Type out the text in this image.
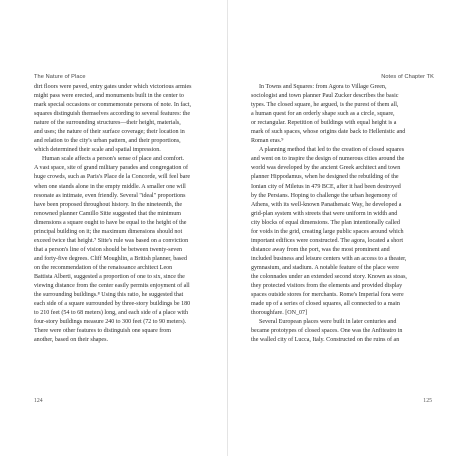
The Nature of Place
dirt floors were paved, entry gates under which victorious armies
might pass were erected, and monuments built in the center to
mark special occasions or commemorate persons of note. In fact,
squares distinguish themselves according to several features: the
nature of the surrounding structures—their height, materials,
and uses; the nature of their surface coverage; their location in
and relation to the city's urban pattern, and their proportions,
which determined their scale and spatial impression.
Human scale affects a person's sense of place and comfort.
A vast space, site of grand military parades and congregation of
huge crowds, such as Paris's Place de la Concorde, will feel bare
when one stands alone in the empty middle. A smaller one will
resonate as intimate, even friendly. Several "ideal" proportions
have been proposed throughout history. In the nineteenth, the
renowned planner Camillo Sitte suggested that the minimum
dimensions a square ought to have be equal to the height of the
principal building on it; the maximum dimensions should not
exceed twice that height.⁷ Sitte's rule was based on a conviction
that a person's line of vision should be between twenty-seven
and forty-five degrees. Cliff Moughlin, a British planner, based
on the recommendation of the renaissance architect Leon
Battista Alberti, suggested a proportion of one to six, since the
viewing distance from the center easily permits enjoyment of all
the surrounding buildings.⁸ Using this ratio, he suggested that
each side of a square surrounded by three-story buildings be 180
to 210 feet (54 to 68 meters) long, and each side of a place with
four-story buildings measure 240 to 300 feet (72 to 90 meters).
There were other features to distinguish one square from
another, based on their shapes.
124
Notes of Chapter TK
In Towns and Squares: from Agora to Village Green,
sociologist and town planner Paul Zucker describes the basic
types. The closed square, he argued, is the purest of them all,
a human quest for an orderly shape such as a circle, square,
or rectangular. Repetition of buildings with equal height is a
mark of such spaces, whose origins date back to Hellenistic and
Roman eras.⁹
A planning method that led to the creation of closed squares
and went on to inspire the design of numerous cities around the
world was developed by the ancient Greek architect and town
planner Hippodamus, when he designed the rebuilding of the
Ionian city of Miletus in 479 BCE, after it had been destroyed
by the Persians. Hoping to challenge the urban hegemony of
Athens, with its well-known Panathenaic Way, he developed a
grid-plan system with streets that were uniform in width and
city blocks of equal dimensions. The plan intentionally called
for voids in the grid, creating large public spaces around which
important edifices were constructed. The agora, located a short
distance away from the port, was the most prominent and
included business and leisure centers with an access to a theater,
gymnasium, and stadium. A notable feature of the place were
the colonnades under an extended second story. Known as stoas,
they protected visitors from the elements and provided display
spaces outside stores for merchants. Rome's Imperial fora were
made up of a series of closed squares, all connected to a main
thoroughfare. [ON_07]
Several European places were built in later centuries and
became prototypes of closed spaces. One was the Anfiteatro in
the walled city of Lucca, Italy. Constructed on the ruins of an
125
